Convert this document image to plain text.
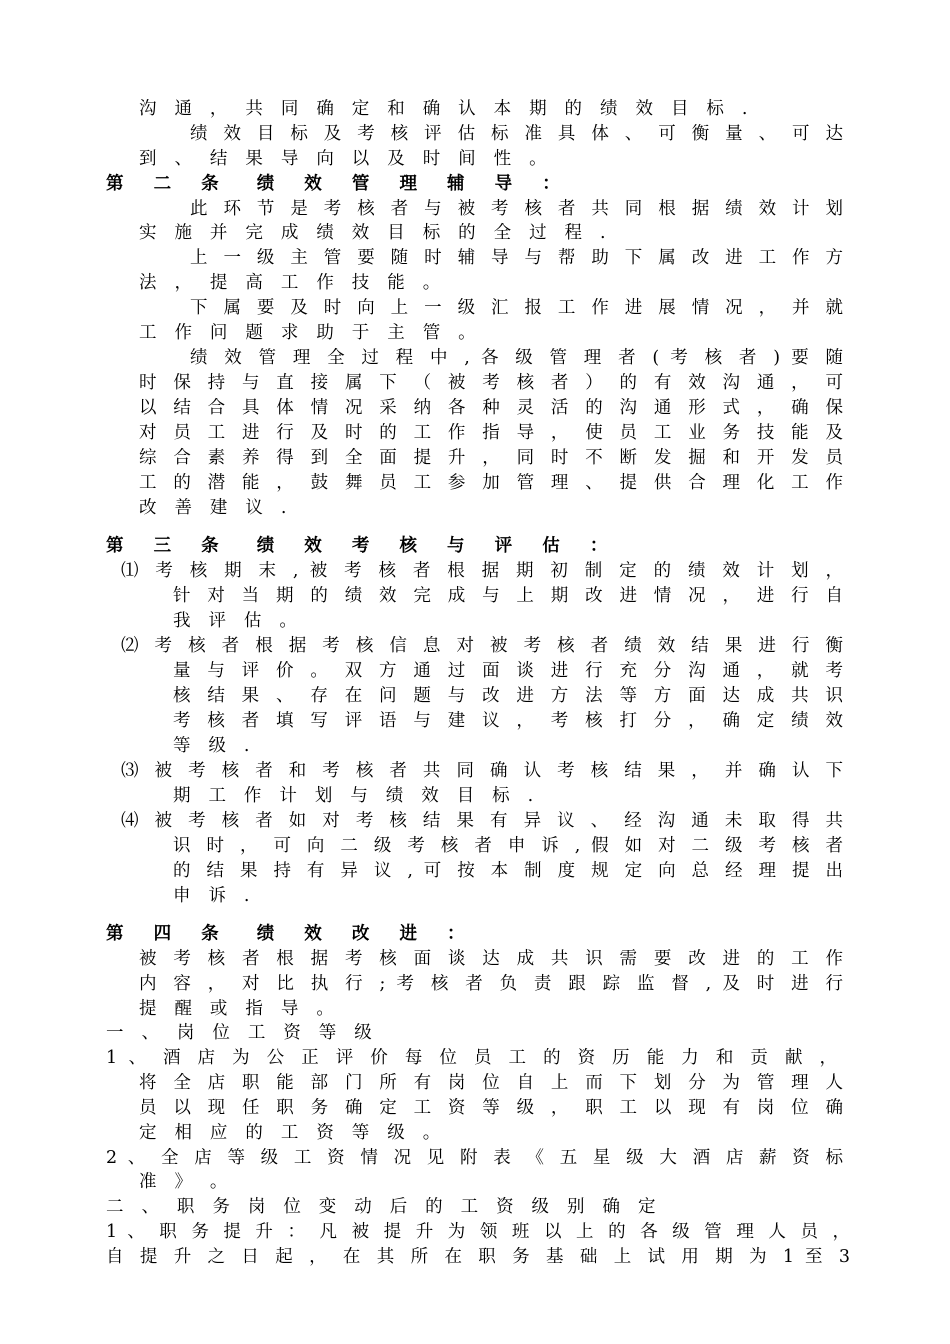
沟 通 ， 共 同 确 定 和 确 认 本 期 的 绩 效 目 标 .
绩 效 目 标 及 考 核 评 估 标 准 具 体 、 可 衡 量 、 可 达
到 、 结 果 导 向 以 及 时 间 性 。
第 二 条 绩 效 管 理 辅 导 ：
此 环 节 是 考 核 者 与 被 考 核 者 共 同 根 据 绩 效 计 划
实 施 并 完 成 绩 效 目 标 的 全 过 程 .
上 一 级 主 管 要 随 时 辅 导 与 帮 助 下 属 改 进 工 作 方
法 ， 提 高 工 作 技 能 。
下 属 要 及 时 向 上 一 级 汇 报 工 作 进 展 情 况 ， 并 就
工 作 问 题 求 助 于 主 管 。
绩 效 管 理 全 过 程 中 , 各 级 管 理 者 ( 考 核 者 ) 要 随
时 保 持 与 直 接 属 下 （ 被 考 核 者 ） 的 有 效 沟 通 ， 可
以 结 合 具 体 情 况 采 纳 各 种 灵 活 的 沟 通 形 式 ， 确 保
对 员 工 进 行 及 时 的 工 作 指 导 ， 使 员 工 业 务 技 能 及
综 合 素 养 得 到 全 面 提 升 ， 同 时 不 断 发 掘 和 开 发 员
工 的 潜 能 ， 鼓 舞 员 工 参 加 管 理 、 提 供 合 理 化 工 作
改 善 建 议 .
第 三 条 绩 效 考 核 与 评 估 ：
⑴ 考 核 期 末 , 被 考 核 者 根 据 期 初 制 定 的 绩 效 计 划 ，
针 对 当 期 的 绩 效 完 成 与 上 期 改 进 情 况 ， 进 行 自
我 评 估 。
⑵ 考 核 者 根 据 考 核 信 息 对 被 考 核 者 绩 效 结 果 进 行 衡
量 与 评 价 。 双 方 通 过 面 谈 进 行 充 分 沟 通 ， 就 考
核 结 果 、 存 在 问 题 与 改 进 方 法 等 方 面 达 成 共 识
考 核 者 填 写 评 语 与 建 议 ， 考 核 打 分 ， 确 定 绩 效
等 级 .
⑶ 被 考 核 者 和 考 核 者 共 同 确 认 考 核 结 果 ， 并 确 认 下
期 工 作 计 划 与 绩 效 目 标 .
⑷ 被 考 核 者 如 对 考 核 结 果 有 异 议 、 经 沟 通 未 取 得 共
识 时 ， 可 向 二 级 考 核 者 申 诉 , 假 如 对 二 级 考 核 者
的 结 果 持 有 异 议 , 可 按 本 制 度 规 定 向 总 经 理 提 出
申 诉 .
第 四 条 绩 效 改 进 ：
被 考 核 者 根 据 考 核 面 谈 达 成 共 识 需 要 改 进 的 工 作
内 容 ， 对 比 执 行 ; 考 核 者 负 责 跟 踪 监 督 , 及 时 进 行
提 醒 或 指 导 。
一 、 岗 位 工 资 等 级
1 、 酒 店 为 公 正 评 价 每 位 员 工 的 资 历 能 力 和 贡 献 ，
将 全 店 职 能 部 门 所 有 岗 位 自 上 而 下 划 分 为 管 理 人
员 以 现 任 职 务 确 定 工 资 等 级 ， 职 工 以 现 有 岗 位 确
定 相 应 的 工 资 等 级 。
2 、 全 店 等 级 工 资 情 况 见 附 表 《 五 星 级 大 酒 店 薪 资 标
准 》 。
二 、 职 务 岗 位 变 动 后 的 工 资 级 别 确 定
1 、 职 务 提 升 ： 凡 被 提 升 为 领 班 以 上 的 各 级 管 理 人 员 ，
自 提 升 之 日 起 ， 在 其 所 在 职 务 基 础 上 试 用 期 为 1 至 3
